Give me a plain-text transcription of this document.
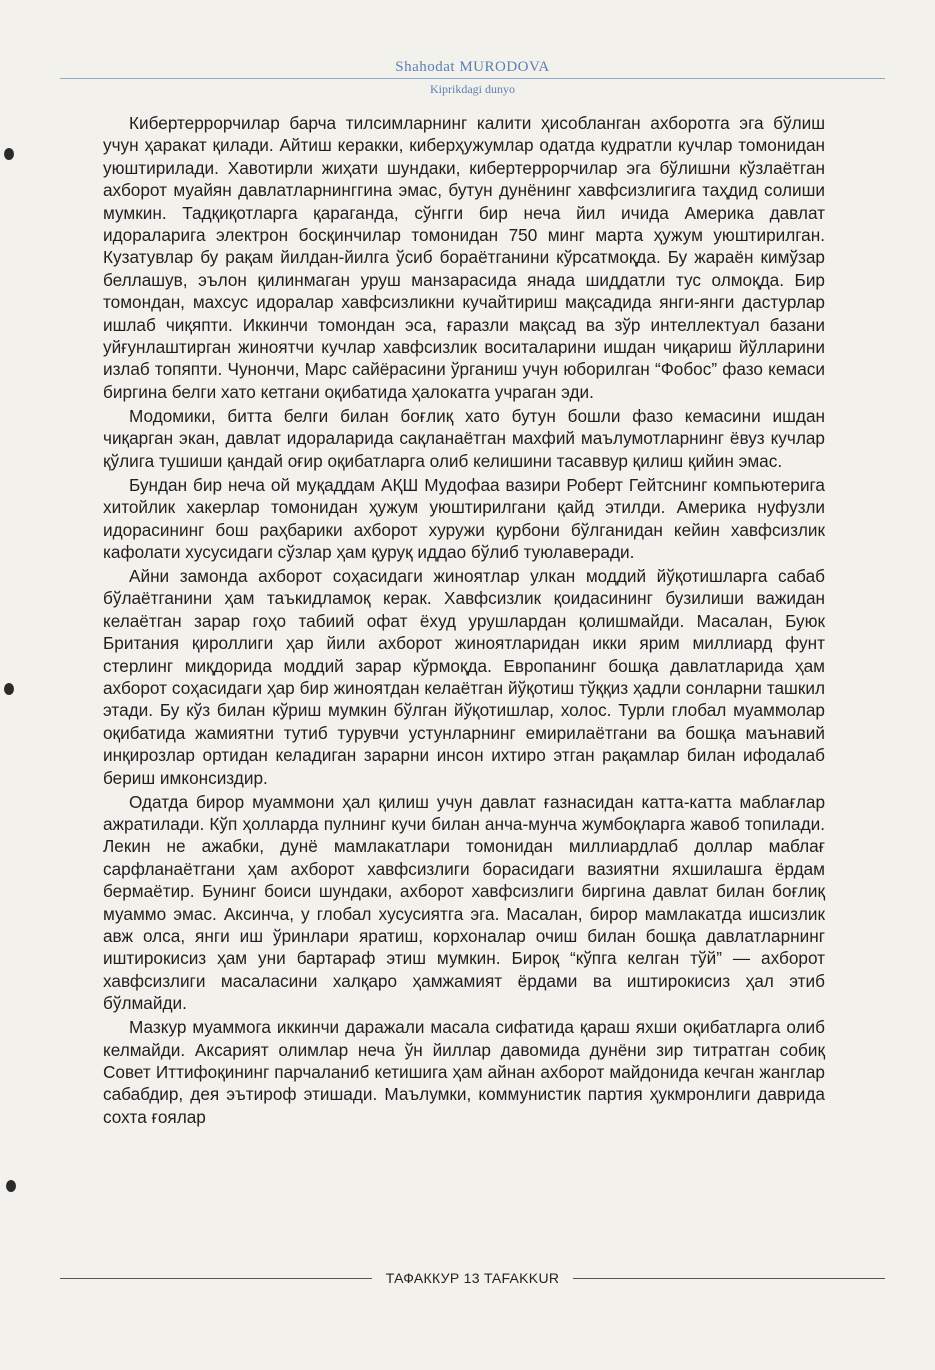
Shahodat MURODOVA
Kiprikdagi dunyo

Кибертеррорчилар барча тилсимларнинг калити ҳисобланган ахборотга эга бўлиш учун ҳаракат қилади. Айтиш керакки, киберҳужумлар одатда кудратли кучлар томонидан уюштирилади. Хавотирли жиҳати шундаки, кибертеррорчилар эга бўлишни кўзлаётган ахборот муайян давлатларнинггина эмас, бутун дунёнинг хавфсизлигига таҳдид солиши мумкин. Тадқиқотларга қараганда, сўнгги бир неча йил ичида Америка давлат идораларига электрон босқинчилар томонидан 750 минг марта ҳужум уюштирилган. Кузатувлар бу рақам йилдан-йилга ўсиб бораётганини кўрсатмоқда. Бу жараён кимўзар беллашув, эълон қилинмаган уруш манзарасида янада шиддатли тус олмоқда. Бир томондан, махсус идоралар хавфсизликни кучайтириш мақсадида янги-янги дастурлар ишлаб чиқяпти. Иккинчи томондан эса, ғаразли мақсад ва зўр интеллектуал базани уйғунлаштирган жиноятчи кучлар хавфсизлик воситаларини ишдан чиқариш йўлларини излаб топяпти. Чунончи, Марс сайёрасини ўрганиш учун юборилган “Фобос” фазо кемаси биргина белги хато кетгани оқибатида ҳалокатга учраган эди.

Модомики, битта белги билан боғлиқ хато бутун бошли фазо кемасини ишдан чиқарган экан, давлат идораларида сақланаётган махфий маълумотларнинг ёвуз кучлар қўлига тушиши қандай оғир оқибатларга олиб келишини тасаввур қилиш қийин эмас.

Бундан бир неча ой муқаддам АҚШ Мудофаа вазири Роберт Гейтснинг компьютерига хитойлик хакерлар томонидан ҳужум уюштирилгани қайд этилди. Америка нуфузли идорасининг бош раҳбарики ахборот хуружи қурбони бўлганидан кейин хавфсизлик кафолати хусусидаги сўзлар ҳам қуруқ иддао бўлиб туюлаверади.

Айни замонда ахборот соҳасидаги жиноятлар улкан моддий йўқотишларга сабаб бўлаётганини ҳам таъкидламоқ керак. Хавфсизлик қоидасининг бузилиши важидан келаётган зарар гоҳо табиий офат ёхуд урушлардан қолишмайди. Масалан, Буюк Британия қироллиги ҳар йили ахборот жиноятларидан икки ярим миллиард фунт стерлинг миқдорида моддий зарар кўрмоқда. Европанинг бошқа давлатларида ҳам ахборот соҳасидаги ҳар бир жиноятдан келаётган йўқотиш тўққиз ҳадли сонларни ташкил этади. Бу кўз билан кўриш мумкин бўлган йўқотишлар, холос. Турли глобал муаммолар оқибатида жамиятни тутиб турувчи устунларнинг емирилаётгани ва бошқа маънавий инқирозлар ортидан келадиган зарарни инсон ихтиро этган рақамлар билан ифодалаб бериш имконсиздир.

Одатда бирор муаммони ҳал қилиш учун давлат ғазнасидан катта-катта маблағлар ажратилади. Кўп ҳолларда пулнинг кучи билан анча-мунча жумбоқларга жавоб топилади. Лекин не ажабки, дунё мамлакатлари томонидан миллиардлаб доллар маблағ сарфланаётгани ҳам ахборот хавфсизлиги борасидаги вазиятни яхшилашга ёрдам бермаётир. Бунинг боиси шундаки, ахборот хавфсизлиги биргина давлат билан боғлиқ муаммо эмас. Аксинча, у глобал хусусиятга эга. Масалан, бирор мамлакатда ишсизлик авж олса, янги иш ўринлари яратиш, корхоналар очиш билан бошқа давлатларнинг иштирокисиз ҳам уни бартараф этиш мумкин. Бироқ “кўпга келган тўй” — ахборот хавфсизлиги масаласини халқаро ҳамжамият ёрдами ва иштирокисиз ҳал этиб бўлмайди.

Мазкур муаммога иккинчи даражали масала сифатида қараш яхши оқибатларга олиб келмайди. Аксарият олимлар неча ўн йиллар давомида дунёни зир титратган собиқ Совет Иттифоқининг парчаланиб кетишига ҳам айнан ахборот майдонида кечган жанглар сабабдир, дея эътироф этишади. Маълумки, коммунистик партия ҳукмронлиги даврида сохта ғоялар

ТАФАККУР 13 TAFAKKUR
